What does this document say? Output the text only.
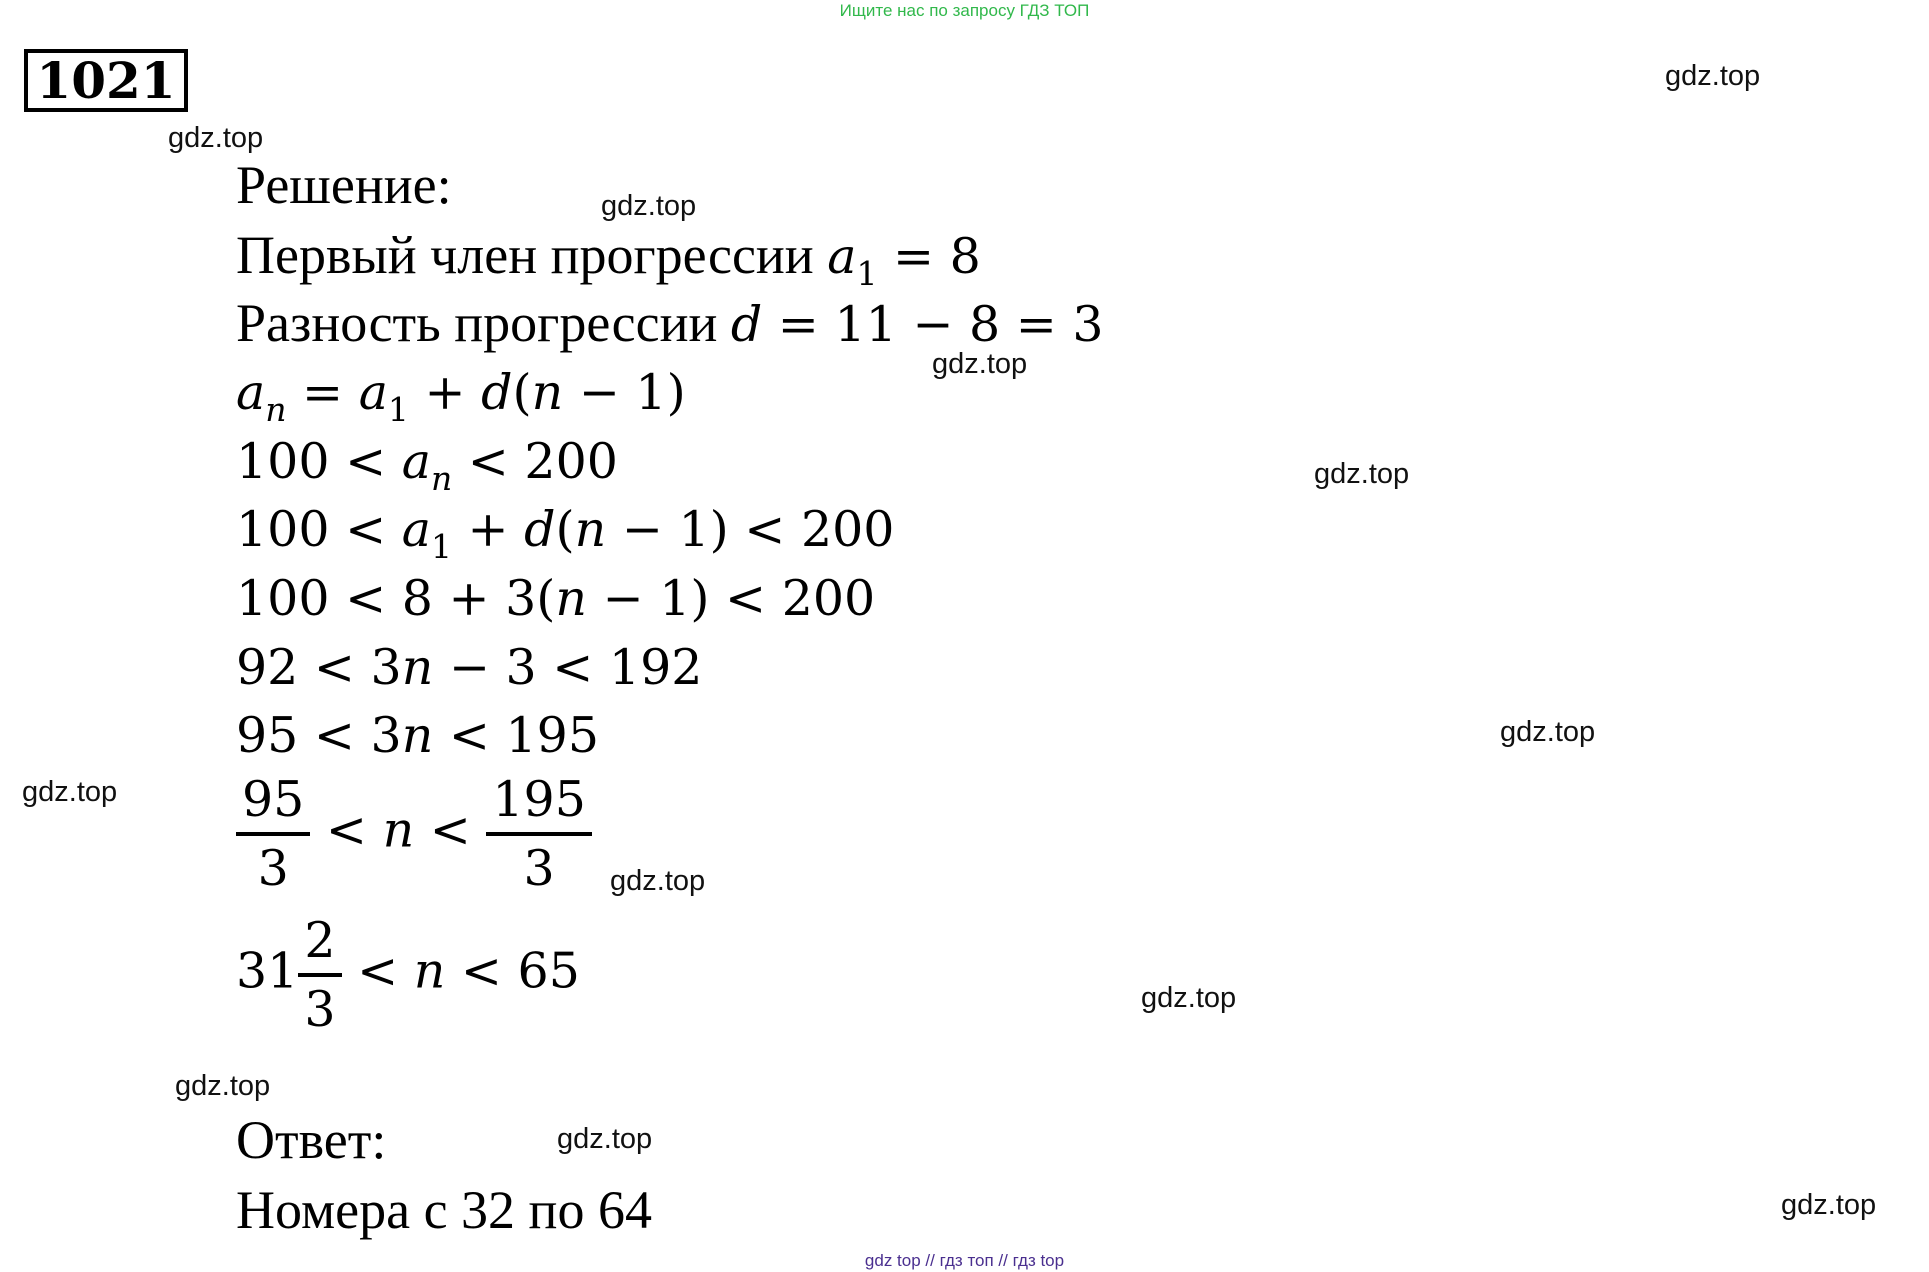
Ищите нас по запросу ГДЗ ТОП
1021	gdz.top
gdz.top
gdz.top
gdz.top
gdz.top
gdz.top
gdz.top
gdz.top
gdz.top
gdz.top
gdz.top
gdz.top
Решение:
Первый член прогрессии $a_1 = 8$
Разность прогрессии d = 11 − 8 = 3
$a_n = a_1 + d(n - 1)$
$100 < a_n < 200$
$100 < a_1 + d(n - 1) < 200$
100 < 8 + 3(n − 1) < 200
92 < 3n − 3 < 192
95 < 3n < 195
$\frac{95}{3} < n < \frac{195}{3}$
$31 \frac{2}{3} < n < 65$
Ответ:
Номера с 32 по 64
gdz top // гдз топ // гдз top
